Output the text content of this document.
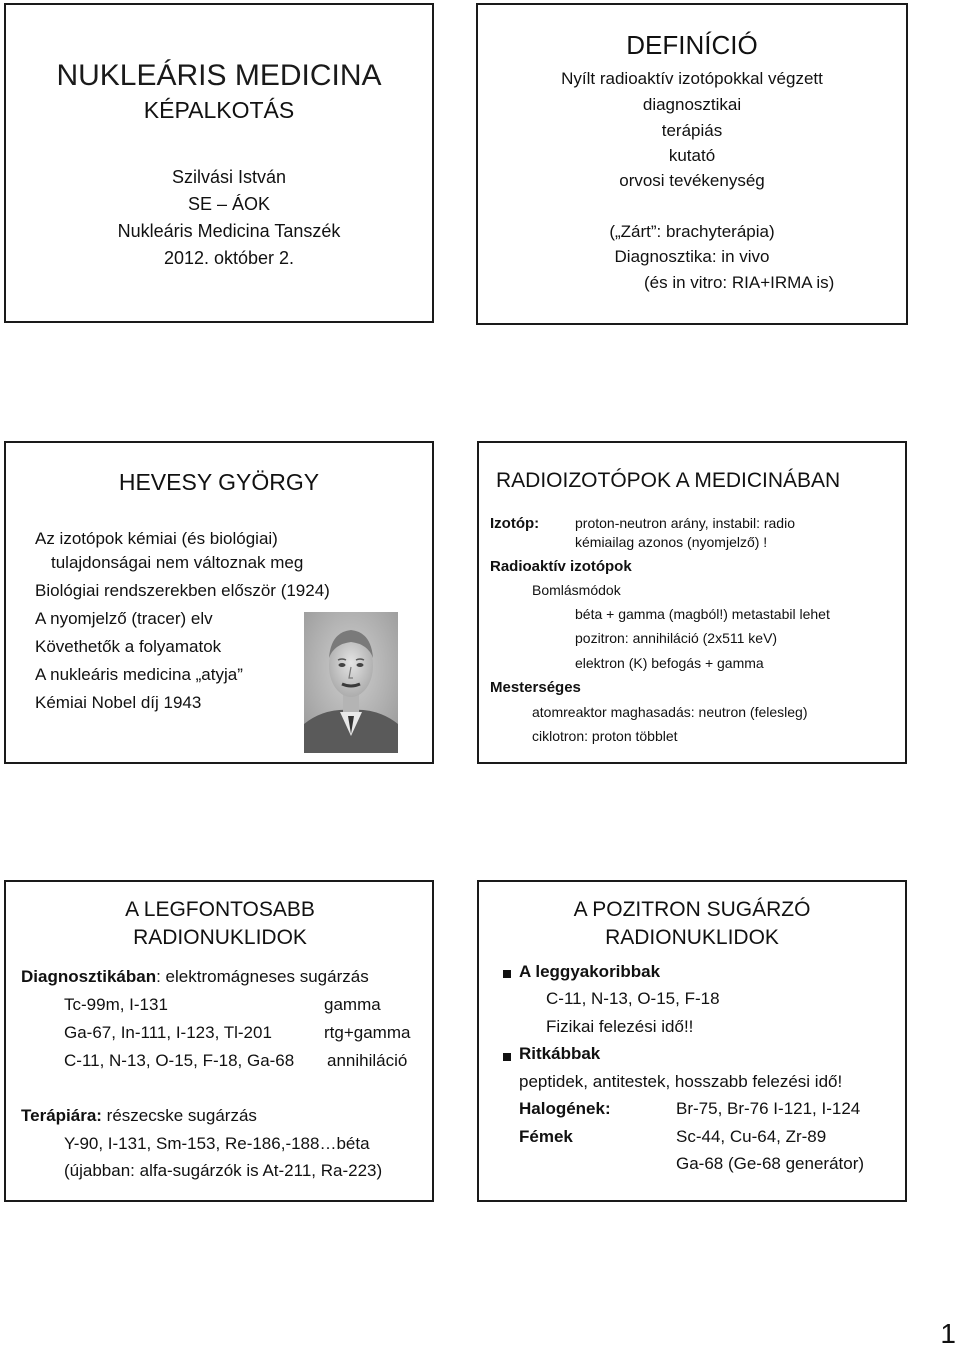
NUKLEÁRIS MEDICINA
KÉPALKOTÁS
Szilvási István
SE – ÁOK
Nukleáris Medicina Tanszék
2012. október 2.
DEFINÍCIÓ
Nyílt radioaktív izotópokkal végzett
diagnosztikai
terápiás
kutató
orvosi tevékenység
(„Zárt”: brachyterápia)
Diagnosztika: in vivo
(és in vitro: RIA+IRMA is)
HEVESY GYÖRGY
Az izotópok kémiai (és biológiai)
tulajdonságai nem változnak meg
Biológiai rendszerekben először (1924)
A nyomjelző (tracer) elv
Követhetők a folyamatok
A nukleáris medicina „atyja”
Kémiai Nobel díj 1943
RADIOIZOTÓPOK A MEDICINÁBAN
Izotóp:	proton-neutron arány, instabil: radio
kémiailag azonos (nyomjelző) !
Radioaktív izotópok
Bomlásmódok
béta + gamma (magból!) metastabil lehet
pozitron: annihiláció (2x511 keV)
elektron (K) befogás + gamma
Mesterséges
atomreaktor maghasadás: neutron (felesleg)
ciklotron: proton többlet
A LEGFONTOSABB
RADIONUKLIDOK
Diagnosztikában: elektromágneses sugárzás
Tc-99m, I-131	gamma
Ga-67, In-111, I-123, Tl-201	rtg+gamma
C-11, N-13, O-15, F-18, Ga-68 annihiláció
Terápiára: részecske sugárzás
Y-90, I-131, Sm-153, Re-186,-188…béta
(újabban: alfa-sugárzók is At-211, Ra-223)
A POZITRON SUGÁRZÓ
RADIONUKLIDOK
A leggyakoribbak
C-11, N-13, O-15, F-18
Fizikai felezési idő!!
Ritkábbak
peptidek, antitestek, hosszabb felezési idő!
Halogének:	Br-75, Br-76 I-121, I-124
Fémek	Sc-44, Cu-64, Zr-89
Ga-68 (Ge-68 generátor)
1
